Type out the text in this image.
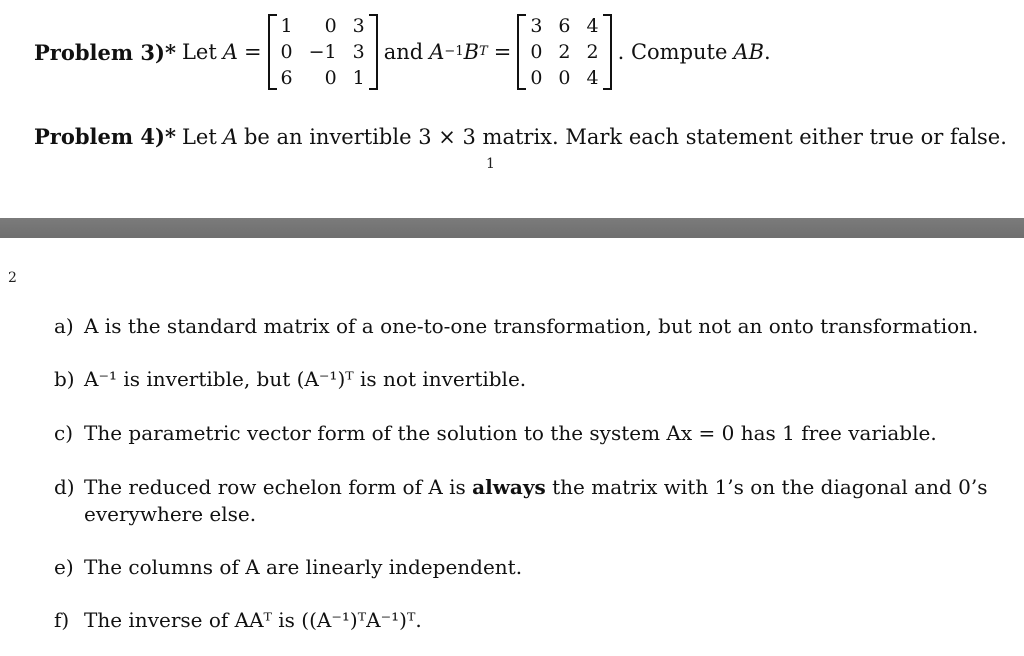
Problem 3)* Let A =
1	0 3
0 −1 3
6	0 1
and A −1 B T =
3 6 4
0 2 2
0 0 4
. Compute AB .
Problem 4)* Let A be an invertible 3 × 3 matrix. Mark each statement either true or false.
1
2
a) A is the standard matrix of a one-to-one transformation, but not an onto transformation.
b) A⁻¹ is invertible, but (A⁻¹)ᵀ is not invertible.
c) The parametric vector form of the solution to the system Ax = 0 has 1 free variable.
d) The reduced row echelon form of A is always the matrix with 1’s on the diagonal and 0’s everywhere else.
e) The columns of A are linearly independent.
f) The inverse of AAᵀ is ((A⁻¹)ᵀA⁻¹)ᵀ.
